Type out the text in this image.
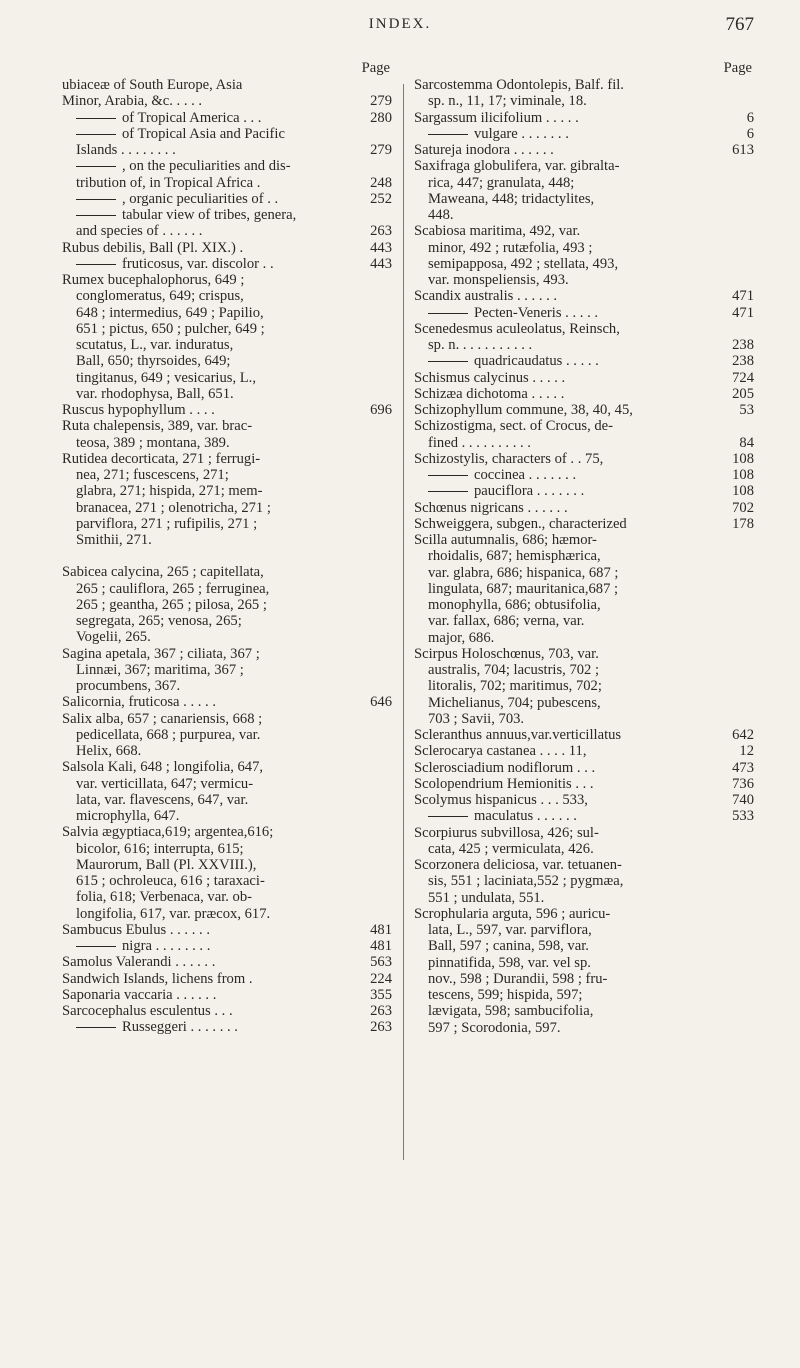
INDEX.	767
Page
ubiaceæ of South Europe, Asia
Minor, Arabia, &c. . . . .	279
of Tropical America . . .	280
of Tropical Asia and Pacific
Islands . . . . . . . .	279
, on the peculiarities and dis-
tribution of, in Tropical Africa .	248
, organic peculiarities of . .	252
tabular view of tribes, genera,
and species of . . . . . .	263
Rubus debilis, Ball (Pl. XIX.) .	443
fruticosus, var. discolor . .	443
Rumex bucephalophorus, 649 ;
conglomeratus, 649; crispus,
648 ; intermedius, 649 ; Papilio,
651 ; pictus, 650 ; pulcher, 649 ;
scutatus, L., var. induratus,
Ball, 650; thyrsoides, 649;
tingitanus, 649 ; vesicarius, L.,
var. rhodophysa, Ball, 651.
Ruscus hypophyllum . . . .	696
Ruta chalepensis, 389, var. brac-
teosa, 389 ; montana, 389.
Rutidea decorticata, 271 ; ferrugi-
nea, 271; fuscescens, 271;
glabra, 271; hispida, 271; mem-
branacea, 271 ; olenotricha, 271 ;
parviflora, 271 ; rufipilis, 271 ;
Smithii, 271.
Sabicea calycina, 265 ; capitellata,
265 ; cauliflora, 265 ; ferruginea,
265 ; geantha, 265 ; pilosa, 265 ;
segregata, 265; venosa, 265;
Vogelii, 265.
Sagina apetala, 367 ; ciliata, 367 ;
Linnæi, 367; maritima, 367 ;
procumbens, 367.
Salicornia, fruticosa . . . . .	646
Salix alba, 657 ; canariensis, 668 ;
pedicellata, 668 ; purpurea, var.
Helix, 668.
Salsola Kali, 648 ; longifolia, 647,
var. verticillata, 647; vermicu-
lata, var. flavescens, 647, var.
microphylla, 647.
Salvia ægyptiaca,619; argentea,616;
bicolor, 616; interrupta, 615;
Maurorum, Ball (Pl. XXVIII.),
615 ; ochroleuca, 616 ; taraxaci-
folia, 618; Verbenaca, var. ob-
longifolia, 617, var. præcox, 617.
Sambucus Ebulus . . . . . .	481
nigra . . . . . . . .	481
Samolus Valerandi . . . . . .	563
Sandwich Islands, lichens from .	224
Saponaria vaccaria . . . . . .	355
Sarcocephalus esculentus . . .	263
Russeggeri . . . . . . .	263
Page
Sarcostemma Odontolepis, Balf. fil.
sp. n., 11, 17; viminale, 18.
Sargassum ilicifolium . . . . .	6
vulgare . . . . . . .	6
Satureja inodora . . . . . .	613
Saxifraga globulifera, var. gibralta-
rica, 447; granulata, 448;
Maweana, 448; tridactylites,
448.
Scabiosa maritima, 492, var.
minor, 492 ; rutæfolia, 493 ;
semipapposa, 492 ; stellata, 493,
var. monspeliensis, 493.
Scandix australis . . . . . .	471
Pecten-Veneris . . . . .	471
Scenedesmus aculeolatus, Reinsch,
sp. n. . . . . . . . . . .	238
quadricaudatus . . . . .	238
Schismus calycinus . . . . .	724
Schizæa dichotoma . . . . .	205
Schizophyllum commune, 38, 40, 45,	53
Schizostigma, sect. of Crocus, de-
fined . . . . . . . . . .	84
Schizostylis, characters of . . 75,	108
coccinea . . . . . . .	108
pauciflora . . . . . . .	108
Schœnus nigricans . . . . . .	702
Schweiggera, subgen., characterized	178
Scilla autumnalis, 686; hæmor-
rhoidalis, 687; hemisphærica,
var. glabra, 686; hispanica, 687 ;
lingulata, 687; mauritanica,687 ;
monophylla, 686; obtusifolia,
var. fallax, 686; verna, var.
major, 686.
Scirpus Holoschœnus, 703, var.
australis, 704; lacustris, 702 ;
litoralis, 702; maritimus, 702;
Michelianus, 704; pubescens,
703 ; Savii, 703.
Scleranthus annuus,var.verticillatus	642
Sclerocarya castanea . . . . 11,	12
Sclerosciadium nodiflorum . . .	473
Scolopendrium Hemionitis . . .	736
Scolymus hispanicus . . . 533,	740
maculatus . . . . . .	533
Scorpiurus subvillosa, 426; sul-
cata, 425 ; vermiculata, 426.
Scorzonera deliciosa, var. tetuanen-
sis, 551 ; laciniata,552 ; pygmæa,
551 ; undulata, 551.
Scrophularia arguta, 596 ; auricu-
lata, L., 597, var. parviflora,
Ball, 597 ; canina, 598, var.
pinnatifida, 598, var. vel sp.
nov., 598 ; Durandii, 598 ; fru-
tescens, 599; hispida, 597;
lævigata, 598; sambucifolia,
597 ; Scorodonia, 597.
